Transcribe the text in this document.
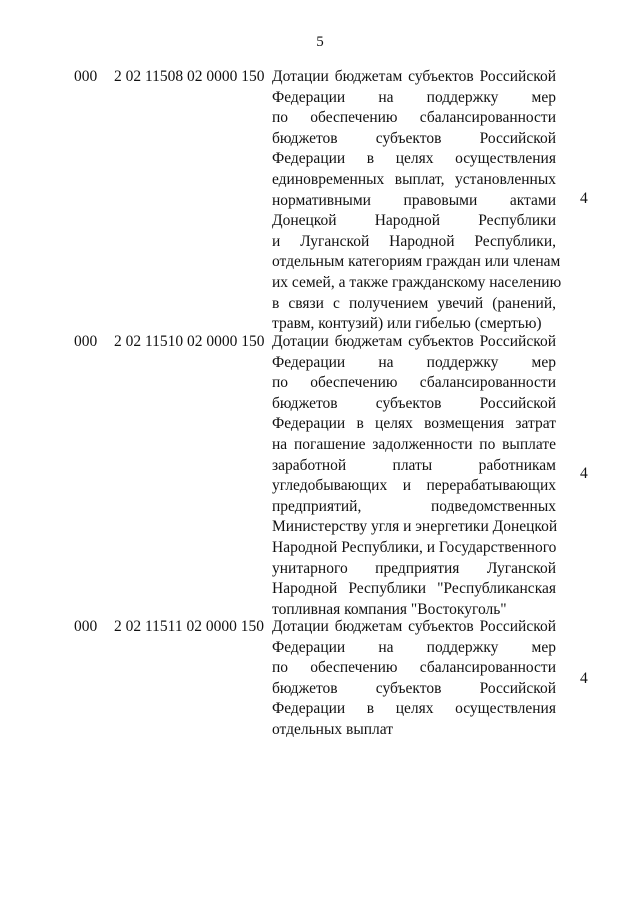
5
000 2 02 11508 02 0000 150 Дотации бюджетам субъектов Российской
Федерации на поддержку мер
по обеспечению сбалансированности
бюджетов субъектов Российской
Федерации в целях осуществления
единовременных выплат, установленных
нормативными правовыми актами
Донецкой Народной Республики
и Луганской Народной Республики,
отдельным категориям граждан или членам
их семей, а также гражданскому населению
в связи с получением увечий (ранений,
травм, контузий) или гибелью (смертью)
4
000 2 02 11510 02 0000 150 Дотации бюджетам субъектов Российской
Федерации на поддержку мер
по обеспечению сбалансированности
бюджетов субъектов Российской
Федерации в целях возмещения затрат
на погашение задолженности по выплате
заработной платы работникам
угледобывающих и перерабатывающих
предприятий, подведомственных
Министерству угля и энергетики Донецкой
Народной Республики, и Государственного
унитарного предприятия Луганской
Народной Республики "Республиканская
топливная компания "Востокуголь"
4
000 2 02 11511 02 0000 150 Дотации бюджетам субъектов Российской
Федерации на поддержку мер
по обеспечению сбалансированности
бюджетов субъектов Российской
Федерации в целях осуществления
отдельных выплат
4
